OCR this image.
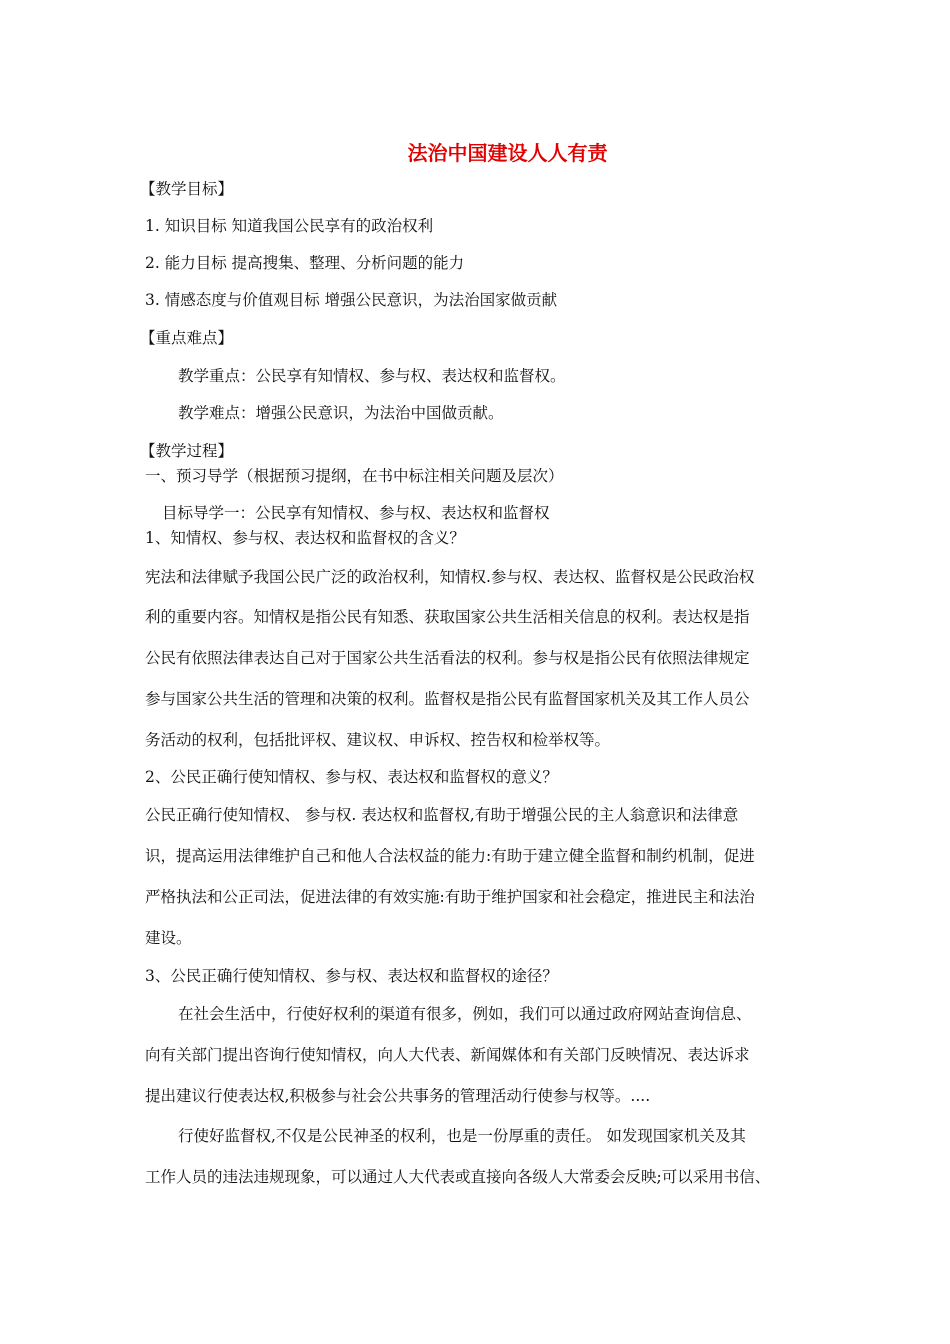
法治中国建设人人有责
【教学目标】
1. 知识目标 知道我国公民享有的政治权利
2. 能力目标 提高搜集、整理、分析问题的能力
3. 情感态度与价值观目标 增强公民意识，为法治国家做贡献
【重点难点】
教学重点：公民享有知情权、参与权、表达权和监督权。
教学难点：增强公民意识，为法治中国做贡献。
【教学过程】
一、预习导学（根据预习提纲，在书中标注相关问题及层次）
目标导学一：公民享有知情权、参与权、表达权和监督权
1、知情权、参与权、表达权和监督权的含义？
宪法和法律赋予我国公民广泛的政治权利，知情权.参与权、表达权、监督权是公民政治权
利的重要内容。知情权是指公民有知悉、获取国家公共生活相关信息的权利。表达权是指
公民有依照法律表达自己对于国家公共生活看法的权利。参与权是指公民有依照法律规定
参与国家公共生活的管理和决策的权利。监督权是指公民有监督国家机关及其工作人员公
务活动的权利，包括批评权、建议权、申诉权、控告权和检举权等。
2、公民正确行使知情权、参与权、表达权和监督权的意义？
公民正确行使知情权、 参与权. 表达权和监督权,有助于增强公民的主人翁意识和法律意
识，提高运用法律维护自己和他人合法权益的能力:有助于建立健全监督和制约机制，促进
严格执法和公正司法，促进法律的有效实施:有助于维护国家和社会稳定，推进民主和法治
建设。
3、公民正确行使知情权、参与权、表达权和监督权的途径？
在社会生活中，行使好权利的渠道有很多，例如，我们可以通过政府网站查询信息、
向有关部门提出咨询行使知情权，向人大代表、新闻媒体和有关部门反映情况、表达诉求
提出建议行使表达权,积极参与社会公共事务的管理活动行使参与权等。....
行使好监督权,不仅是公民神圣的权利，也是一份厚重的责任。 如发现国家机关及其
工作人员的违法违规现象，可以通过人大代表或直接向各级人大常委会反映;可以采用书信、
